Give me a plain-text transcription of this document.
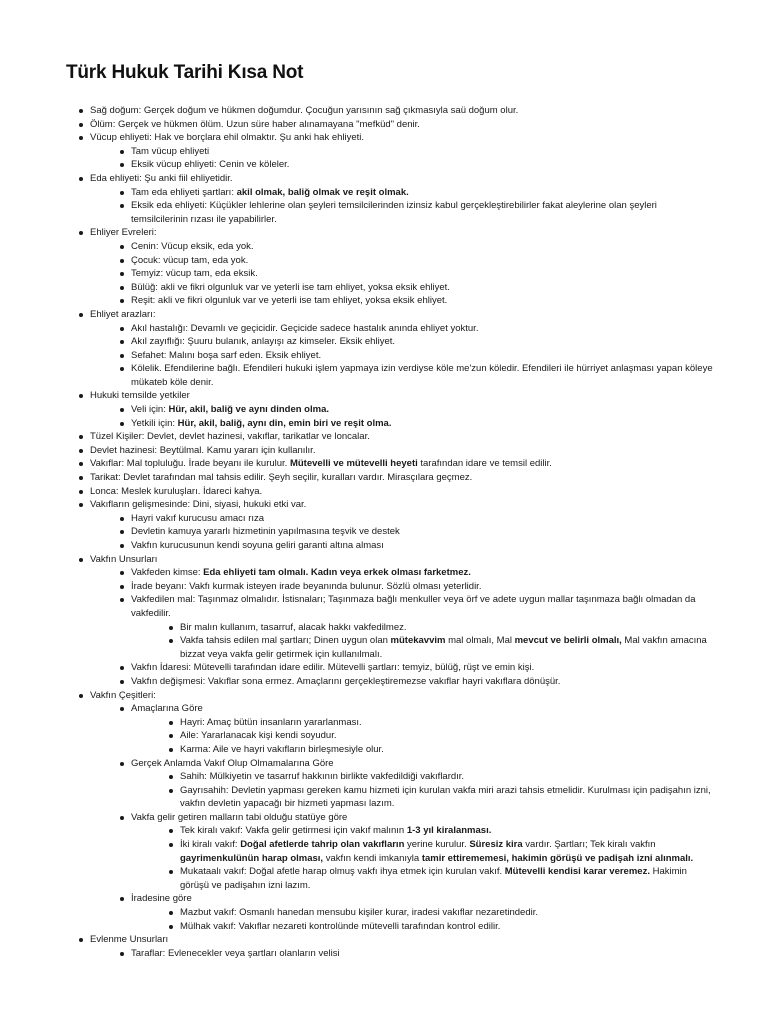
Türk Hukuk Tarihi Kısa Not
Sağ doğum: Gerçek doğum ve hükmen doğumdur. Çocuğun yarısının sağ çıkmasıyla saü doğum olur.
Ölüm: Gerçek ve hükmen ölüm. Uzun süre haber alınamayana "mefküd" denir.
Vücup ehliyeti: Hak ve borçlara ehil olmaktır. Şu anki hak ehliyeti.
Tam vücup ehliyeti
Eksik vücup ehliyeti: Cenin ve köleler.
Eda ehliyeti: Şu anki fiil ehliyetidir.
Tam eda ehliyeti şartları: akil olmak, baliğ olmak ve reşit olmak.
Eksik eda ehliyeti: Küçükler lehlerine olan şeyleri temsilcilerinden izinsiz kabul gerçekleştirebilirler fakat aleylerine olan şeyleri temsilcilerinin rızası ile yapabilirler.
Ehliyer Evreleri:
Cenin: Vücup eksik, eda yok.
Çocuk: vücup tam, eda yok.
Temyiz: vücup tam, eda eksik.
Bülüğ: akli ve fikri olgunluk var ve yeterli ise tam ehliyet, yoksa eksik ehliyet.
Reşit: akli ve fikri olgunluk var ve yeterli ise tam ehliyet, yoksa eksik ehliyet.
Ehliyet arazları:
Akıl hastalığı: Devamlı ve geçicidir. Geçicide sadece hastalık anında ehliyet yoktur.
Akıl zayıflığı: Şuuru bulanık, anlayışı az kimseler. Eksik ehliyet.
Sefahet: Malını boşa sarf eden. Eksik ehliyet.
Kölelik. Efendilerine bağlı. Efendileri hukuki işlem yapmaya izin verdiyse köle me'zun köledir. Efendileri ile hürriyet anlaşması yapan köleye mükateb köle denir.
Hukuki temsilde yetkiler
Veli için: Hür, akil, baliğ ve aynı dinden olma.
Yetkili için: Hür, akil, baliğ, aynı din, emin biri ve reşit olma.
Tüzel Kişiler: Devlet, devlet hazinesi, vakıflar, tarikatlar ve loncalar.
Devlet hazinesi: Beytülmal. Kamu yararı için kullanılır.
Vakıflar: Mal topluluğu. İrade beyanı ile kurulur. Mütevelli ve mütevelli heyeti tarafından idare ve temsil edilir.
Tarikat: Devlet tarafından mal tahsis edilir. Şeyh seçilir, kuralları vardır. Mirasçılara geçmez.
Lonca: Meslek kuruluşları. İdareci kahya.
Vakıfların gelişmesinde: Dini, siyasi, hukuki etki var.
Hayri vakıf kurucusu amacı rıza
Devletin kamuya yararlı hizmetinin yapılmasına teşvik ve destek
Vakfın kurucusunun kendi soyuna geliri garanti altına alması
Vakfın Unsurları
Vakfeden kimse: Eda ehliyeti tam olmalı. Kadın veya erkek olması farketmez.
İrade beyanı: Vakfı kurmak isteyen irade beyanında bulunur. Sözlü olması yeterlidir.
Vakfedilen mal: Taşınmaz olmalıdır. İstisnaları; Taşınmaza bağlı menkuller veya örf ve adete uygun mallar taşınmaza bağlı olmadan da vakfedilir.
Bir malın kullanım, tasarruf, alacak hakkı vakfedilmez.
Vakfa tahsis edilen mal şartları; Dinen uygun olan mütekavvim mal olmalı, Mal mevcut ve belirli olmalı, Mal vakfın amacına bizzat veya vakfa gelir getirmek için kullanılmalı.
Vakfın İdaresi: Mütevelli tarafından idare edilir. Mütevelli şartları: temyiz, bülüğ, rüşt ve emin kişi.
Vakfın değişmesi: Vakıflar sona ermez. Amaçlarını gerçekleştiremezse vakıflar hayri vakıflara dönüşür.
Vakfın Çeşitleri:
Amaçlarına Göre
Hayri: Amaç bütün insanların yararlanması.
Aile: Yararlanacak kişi kendi soyudur.
Karma: Aile ve hayri vakıfların birleşmesiyle olur.
Gerçek Anlamda Vakıf Olup Olmamalarına Göre
Sahih: Mülkiyetin ve tasarruf hakkının birlikte vakfedildiği vakıflardır.
Gayrısahih: Devletin yapması gereken kamu hizmeti için kurulan vakfa miri arazi tahsis etmelidir. Kurulması için padişahın izni, vakfın devletin yapacağı bir hizmeti yapması lazım.
Vakfa gelir getiren malların tabi olduğu statüye göre
Tek kiralı vakıf: Vakfa gelir getirmesi için vakıf malının 1-3 yıl kiralanması.
İki kiralı vakıf: Doğal afetlerde tahrip olan vakıfların yerine kurulur. Süresiz kira vardır. Şartları; Tek kiralı vakfın gayrimenkulünün harap olması, vakfın kendi imkanıyla tamir ettirememesi, hakimin görüşü ve padişah izni alınmalı.
Mukataalı vakıf: Doğal afetle harap olmuş vakfı ihya etmek için kurulan vakıf. Mütevelli kendisi karar veremez. Hakimin görüşü ve padişahın izni lazım.
İradesine göre
Mazbut vakıf: Osmanlı hanedan mensubu kişiler kurar, iradesi vakıflar nezaretindedir.
Mülhak vakıf: Vakıflar nezareti kontrolünde mütevelli tarafından kontrol edilir.
Evlenme Unsurları
Taraflar: Evlenecekler veya şartları olanların velisi
